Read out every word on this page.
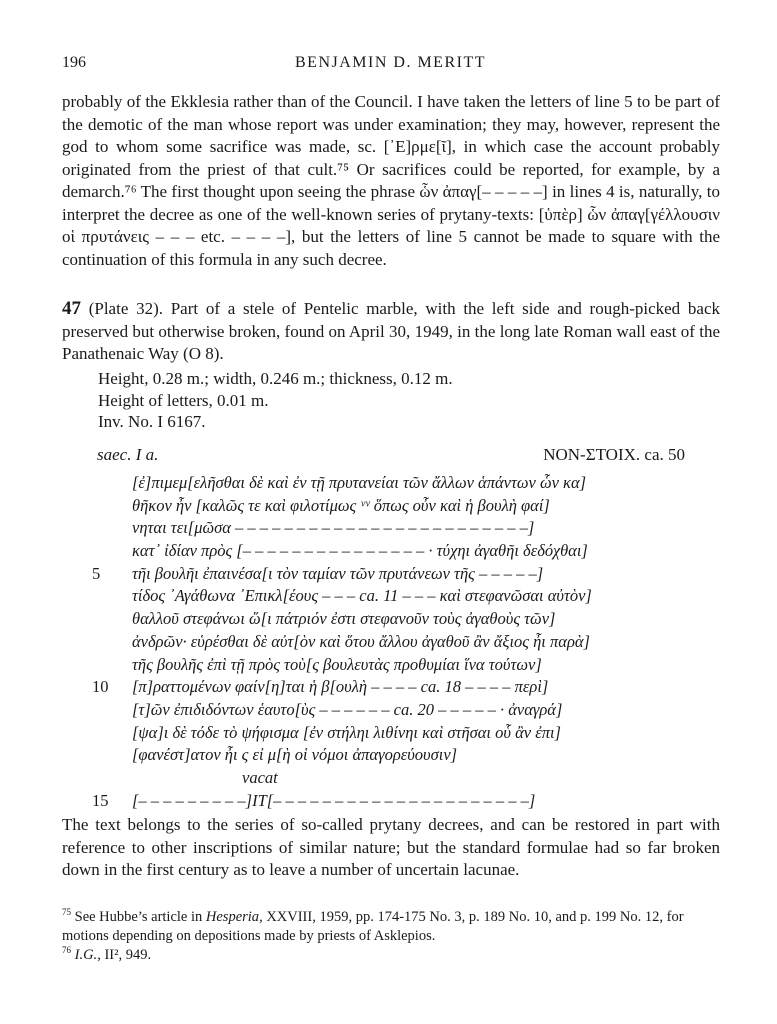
196	BENJAMIN D. MERITT

probably of the Ekklesia rather than of the Council. I have taken the letters of line 5 to be part of the demotic of the man whose report was under examination; they may, however, represent the god to whom some sacrifice was made, sc. [᾿Ε]ρμε[ῖ], in which case the account probably originated from the priest of that cult.⁷⁵ Or sacrifices could be reported, for example, by a demarch.⁷⁶ The first thought upon seeing the phrase ὧν ἀπαγ[– – – – –] in lines 4 is, naturally, to interpret the decree as one of the well-known series of prytany-texts: [ὑπὲρ] ὧν ἀπαγ[γέλλουσιν οἱ πρυτάνεις – – – etc. – – – –], but the letters of line 5 cannot be made to square with the continuation of this formula in any such decree.

47 (Plate 32). Part of a stele of Pentelic marble, with the left side and rough-picked back preserved but otherwise broken, found on April 30, 1949, in the long late Roman wall east of the Panathenaic Way (O 8).

Height, 0.28 m.; width, 0.246 m.; thickness, 0.12 m.
Height of letters, 0.01 m.
Inv. No. I 6167.
saec. I a.	NON-ΣΤΟΙΧ. ca. 50
[ἐ]πιμεμ[ελῆσθαι δὲ καὶ ἐν τῇ πρυτανείαι τῶν ἄλλων ἁπάντων ὧν κα]
θῆκον ἦν [καλῶς τε καὶ φιλοτίμως ᵛᵛ ὅπως οὖν καὶ ἡ βουλὴ φαί]
νηται τει[μῶσα – – – – – – – – – – – – – – – – – – – – – – – –]
κατ᾽ ἰδίαν πρὸς [– – – – – – – – – – – – – – – · τύχηι ἀγαθῆι δεδόχθαι]
5	τῆι βουλῆι ἐπαινέσα[ι τὸν ταμίαν τῶν πρυτάνεων τῆς – – – – –]
τίδος ᾿Αγάθωνα ᾿Επικλ[έους – – – ca. 11 – – – καὶ στεφανῶσαι αὐτὸν]
θαλλοῦ στεφάνωι ὥ[ι πάτριόν ἐστι στεφανοῦν τοὺς ἀγαθοὺς τῶν]
ἀνδρῶν· εὑρέσθαι δὲ αὐτ[ὸν καὶ ὅτου ἄλλου ἀγαθοῦ ἂν ἄξιος ἦι παρὰ]
τῆς βουλῆς ἐπὶ τῇ πρὸς τοὺ[ς βουλευτὰς προθυμίαι ἵνα τούτων]
10	[π]ραττομένων φαίν[η]ται ἡ β[ουλὴ – – – – ca. 18 – – – – περὶ]
[τ]ῶν ἐπιδιδόντων ἑαυτο[ὺς – – – – – – ca. 20 – – – – – · ἀναγρά]
[ψα]ι δὲ τόδε τὸ ψήφισμα [ἐν στήληι λιθίνηι καὶ στῆσαι οὗ ἂν ἐπι]
[φανέστ]ατον ἦι ς εἰ μ[ὴ οἱ νόμοι ἀπαγορεύουσιν]
vacat
15	[– – – – – – – – –]ΙΤ[– – – – – – – – – – – – – – – – – – – – –]

The text belongs to the series of so-called prytany decrees, and can be restored in part with reference to other inscriptions of similar nature; but the standard formulae had so far broken down in the first century as to leave a number of uncertain lacunae.

$^{75}$ See Hubbe’s article in Hesperia, XXVIII, 1959, pp. 174-175 No. 3, p. 189 No. 10, and p. 199 No. 12, for motions depending on depositions made by priests of Asklepios.

$^{76}$ I.G., II², 949.
